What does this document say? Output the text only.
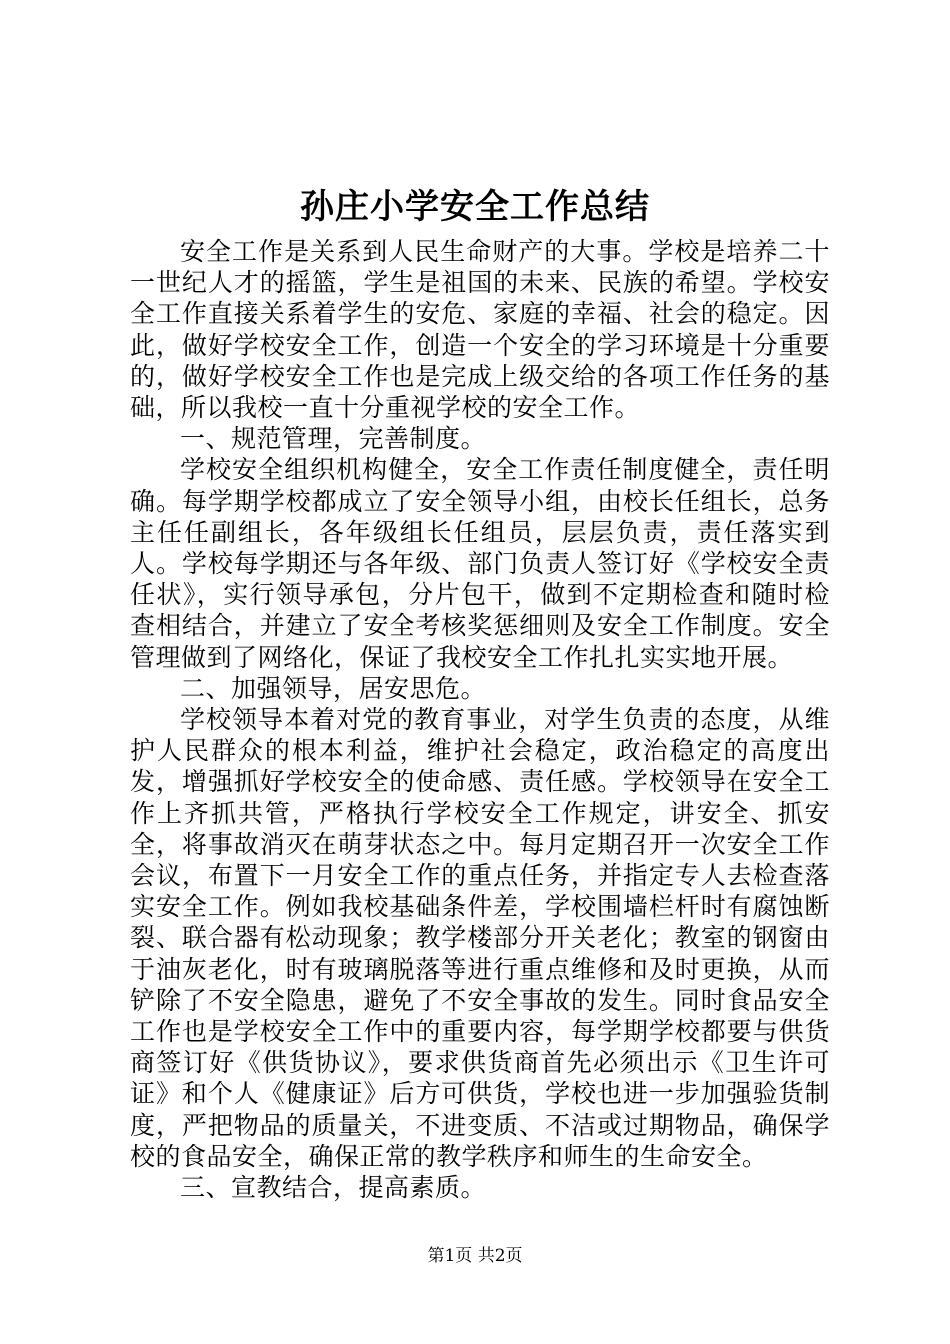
孙庄小学安全工作总结

安全工作是关系到人民生命财产的大事。学校是培养二十一世纪人才的摇篮，学生是祖国的未来、民族的希望。学校安全工作直接关系着学生的安危、家庭的幸福、社会的稳定。因此，做好学校安全工作，创造一个安全的学习环境是十分重要的，做好学校安全工作也是完成上级交给的各项工作任务的基础，所以我校一直十分重视学校的安全工作。

一、规范管理，完善制度。

学校安全组织机构健全，安全工作责任制度健全，责任明确。每学期学校都成立了安全领导小组，由校长任组长，总务主任任副组长，各年级组长任组员，层层负责，责任落实到人。学校每学期还与各年级、部门负责人签订好《学校安全责任状》，实行领导承包，分片包干，做到不定期检查和随时检查相结合，并建立了安全考核奖惩细则及安全工作制度。安全管理做到了网络化，保证了我校安全工作扎扎实实地开展。

二、加强领导，居安思危。

学校领导本着对党的教育事业，对学生负责的态度，从维护人民群众的根本利益，维护社会稳定，政治稳定的高度出发，增强抓好学校安全的使命感、责任感。学校领导在安全工作上齐抓共管，严格执行学校安全工作规定，讲安全、抓安全，将事故消灭在萌芽状态之中。每月定期召开一次安全工作会议，布置下一月安全工作的重点任务，并指定专人去检查落实安全工作。例如我校基础条件差，学校围墙栏杆时有腐蚀断裂、联合器有松动现象；教学楼部分开关老化；教室的钢窗由于油灰老化，时有玻璃脱落等进行重点维修和及时更换，从而铲除了不安全隐患，避免了不安全事故的发生。同时食品安全工作也是学校安全工作中的重要内容，每学期学校都要与供货商签订好《供货协议》，要求供货商首先必须出示《卫生许可证》和个人《健康证》后方可供货，学校也进一步加强验货制度，严把物品的质量关，不进变质、不洁或过期物品，确保学校的食品安全，确保正常的教学秩序和师生的生命安全。

三、宣教结合，提高素质。

第1页 共2页
